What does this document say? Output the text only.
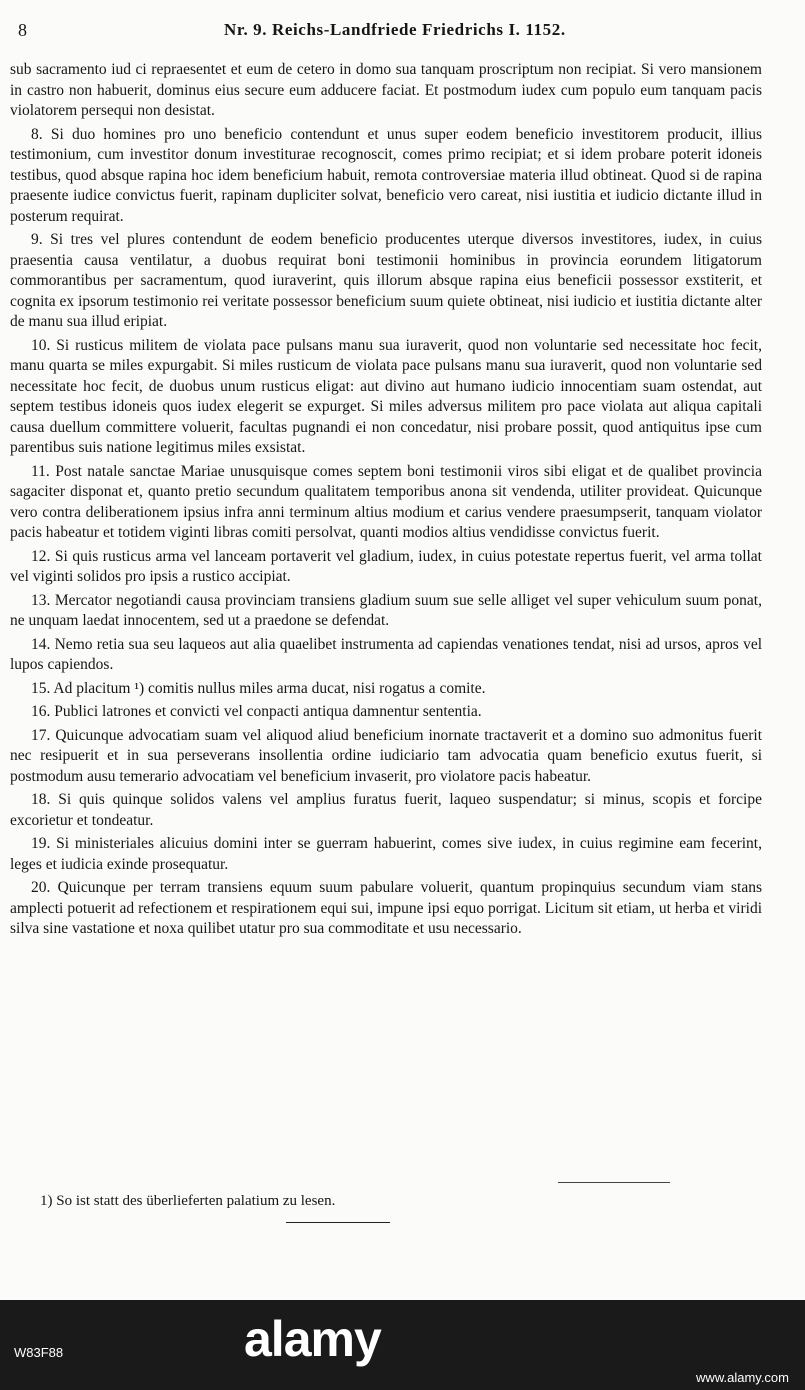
8	Nr. 9. Reichs-Landfriede Friedrichs I. 1152.

sub sacramento iud ci repraesentet et eum de cetero in domo sua tanquam proscriptum non recipiat. Si vero mansionem in castro non habuerit, dominus eius secure eum adducere faciat. Et postmodum iudex cum populo eum tanquam pacis violatorem persequi non desistat.

8. Si duo homines pro uno beneficio contendunt et unus super eodem beneficio investitorem producit, illius testimonium, cum investitor donum investiturae recognoscit, comes primo recipiat; et si idem probare poterit idoneis testibus, quod absque rapina hoc idem beneficium habuit, remota controversiae materia illud obtineat. Quod si de rapina praesente iudice convictus fuerit, rapinam dupliciter solvat, beneficio vero careat, nisi iustitia et iudicio dictante illud in posterum requirat.

9. Si tres vel plures contendunt de eodem beneficio producentes uterque diversos investitores, iudex, in cuius praesentia causa ventilatur, a duobus requirat boni testimonii hominibus in provincia eorundem litigatorum commorantibus per sacramentum, quod iuraverint, quis illorum absque rapina eius beneficii possessor exstiterit, et cognita ex ipsorum testimonio rei veritate possessor beneficium suum quiete obtineat, nisi iudicio et iustitia dictante alter de manu sua illud eripiat.

10. Si rusticus militem de violata pace pulsans manu sua iuraverit, quod non voluntarie sed necessitate hoc fecit, manu quarta se miles expurgabit. Si miles rusticum de violata pace pulsans manu sua iuraverit, quod non voluntarie sed necessitate hoc fecit, de duobus unum rusticus eligat: aut divino aut humano iudicio innocentiam suam ostendat, aut septem testibus idoneis quos iudex elegerit se expurget. Si miles adversus militem pro pace violata aut aliqua capitali causa duellum committere voluerit, facultas pugnandi ei non concedatur, nisi probare possit, quod antiquitus ipse cum parentibus suis natione legitimus miles exsistat.

11. Post natale sanctae Mariae unusquisque comes septem boni testimonii viros sibi eligat et de qualibet provincia sagaciter disponat et, quanto pretio secundum qualitatem temporibus anona sit vendenda, utiliter provideat. Quicunque vero contra deliberationem ipsius infra anni terminum altius modium et carius vendere praesumpserit, tanquam violator pacis habeatur et totidem viginti libras comiti persolvat, quanti modios altius vendidisse convictus fuerit.

12. Si quis rusticus arma vel lanceam portaverit vel gladium, iudex, in cuius potestate repertus fuerit, vel arma tollat vel viginti solidos pro ipsis a rustico accipiat.

13. Mercator negotiandi causa provinciam transiens gladium suum sue selle alliget vel super vehiculum suum ponat, ne unquam laedat innocentem, sed ut a praedone se defendat.

14. Nemo retia sua seu laqueos aut alia quaelibet instrumenta ad capiendas venationes tendat, nisi ad ursos, apros vel lupos capiendos.

15. Ad placitum ¹) comitis nullus miles arma ducat, nisi rogatus a comite.

16. Publici latrones et convicti vel conpacti antiqua damnentur sententia.

17. Quicunque advocatiam suam vel aliquod aliud beneficium inornate tractaverit et a domino suo admonitus fuerit nec resipuerit et in sua perseverans insollentia ordine iudiciario tam advocatia quam beneficio exutus fuerit, si postmodum ausu temerario advocatiam vel beneficium invaserit, pro violatore pacis habeatur.

18. Si quis quinque solidos valens vel amplius furatus fuerit, laqueo suspendatur; si minus, scopis et forcipe excorietur et tondeatur.

19. Si ministeriales alicuius domini inter se guerram habuerint, comes sive iudex, in cuius regimine eam fecerint, leges et iudicia exinde prosequatur.

20. Quicunque per terram transiens equum suum pabulare voluerit, quantum propinquius secundum viam stans amplecti potuerit ad refectionem et respirationem equi sui, impune ipsi equo porrigat. Licitum sit etiam, ut herba et viridi silva sine vastatione et noxa quilibet utatur pro sua commoditate et usu necessario.

1) So ist statt des überlieferten palatium zu lesen.
alamy
W83F88
www.alamy.com
